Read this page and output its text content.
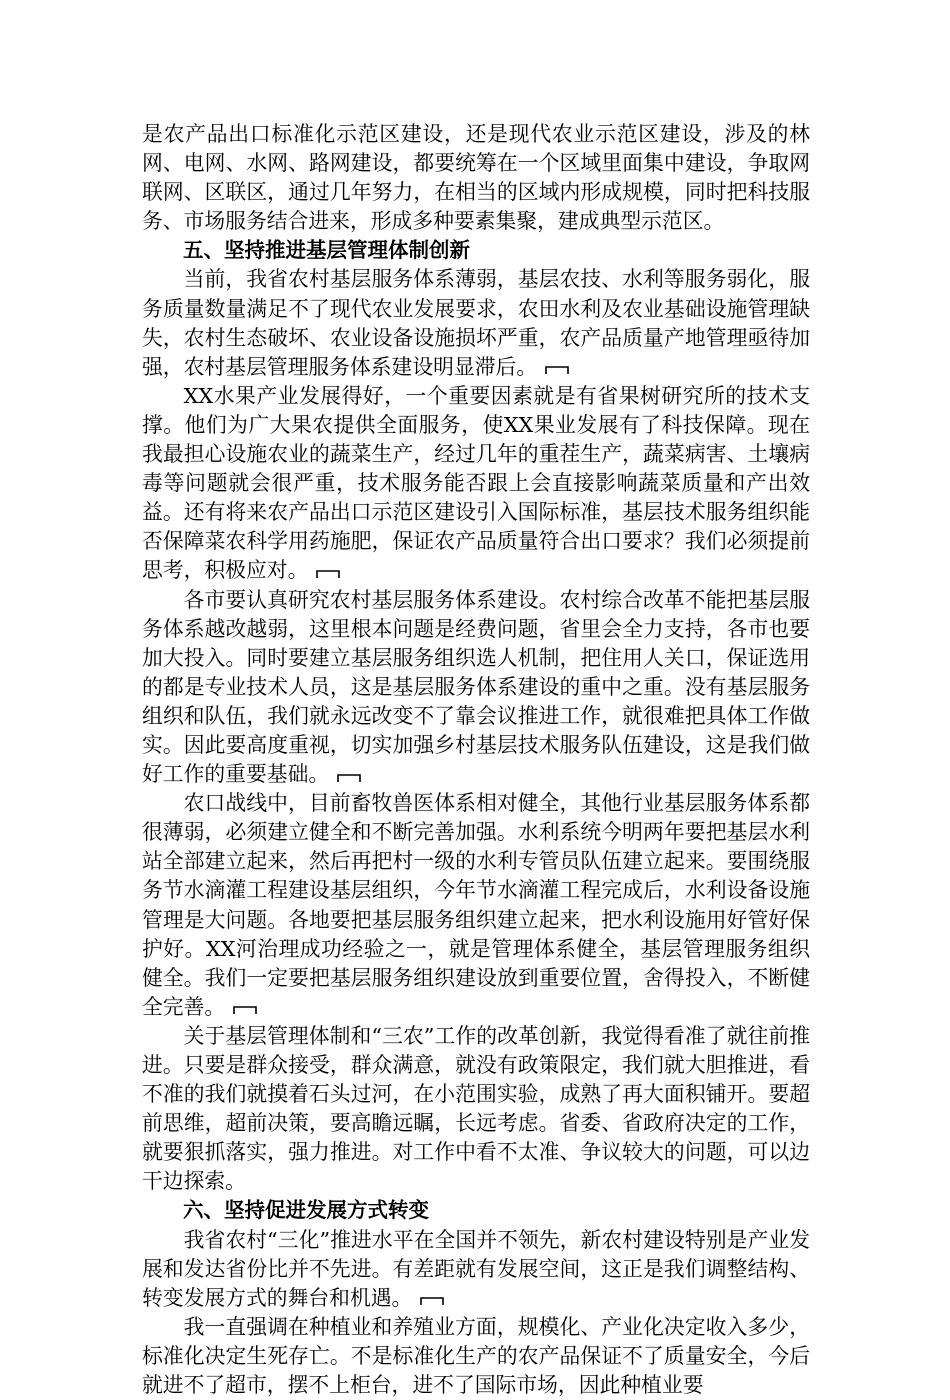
是农产品出口标准化示范区建设，还是现代农业示范区建设，涉及的林网、电网、水网、路网建设，都要统筹在一个区域里面集中建设，争取网联网、区联区，通过几年努力，在相当的区域内形成规模，同时把科技服务、市场服务结合进来，形成多种要素集聚，建成典型示范区。

五、坚持推进基层管理体制创新

当前，我省农村基层服务体系薄弱，基层农技、水利等服务弱化，服务质量数量满足不了现代农业发展要求，农田水利及农业基础设施管理缺失，农村生态破坏、农业设备设施损坏严重，农产品质量产地管理亟待加强，农村基层管理服务体系建设明显滞后。

XX水果产业发展得好，一个重要因素就是有省果树研究所的技术支撑。他们为广大果农提供全面服务，使XX果业发展有了科技保障。现在我最担心设施农业的蔬菜生产，经过几年的重茬生产，蔬菜病害、土壤病毒等问题就会很严重，技术服务能否跟上会直接影响蔬菜质量和产出效益。还有将来农产品出口示范区建设引入国际标准，基层技术服务组织能否保障菜农科学用药施肥，保证农产品质量符合出口要求？我们必须提前思考，积极应对。

各市要认真研究农村基层服务体系建设。农村综合改革不能把基层服务体系越改越弱，这里根本问题是经费问题，省里会全力支持，各市也要加大投入。同时要建立基层服务组织选人机制，把住用人关口，保证选用的都是专业技术人员，这是基层服务体系建设的重中之重。没有基层服务组织和队伍，我们就永远改变不了靠会议推进工作，就很难把具体工作做实。因此要高度重视，切实加强乡村基层技术服务队伍建设，这是我们做好工作的重要基础。

农口战线中，目前畜牧兽医体系相对健全，其他行业基层服务体系都很薄弱，必须建立健全和不断完善加强。水利系统今明两年要把基层水利站全部建立起来，然后再把村一级的水利专管员队伍建立起来。要围绕服务节水滴灌工程建设基层组织，今年节水滴灌工程完成后，水利设备设施管理是大问题。各地要把基层服务组织建立起来，把水利设施用好管好保护好。XX河治理成功经验之一，就是管理体系健全，基层管理服务组织健全。我们一定要把基层服务组织建设放到重要位置，舍得投入，不断健全完善。

关于基层管理体制和“三农”工作的改革创新，我觉得看准了就往前推进。只要是群众接受，群众满意，就没有政策限定，我们就大胆推进，看不准的我们就摸着石头过河，在小范围实验，成熟了再大面积铺开。要超前思维，超前决策，要高瞻远瞩，长远考虑。省委、省政府决定的工作，就要狠抓落实，强力推进。对工作中看不太准、争议较大的问题，可以边干边探索。

六、坚持促进发展方式转变

我省农村“三化”推进水平在全国并不领先，新农村建设特别是产业发展和发达省份比并不先进。有差距就有发展空间，这正是我们调整结构、转变发展方式的舞台和机遇。

我一直强调在种植业和养殖业方面，规模化、产业化决定收入多少，标准化决定生死存亡。不是标准化生产的农产品保证不了质量安全，今后就进不了超市，摆不上柜台，进不了国际市场，因此种植业要
